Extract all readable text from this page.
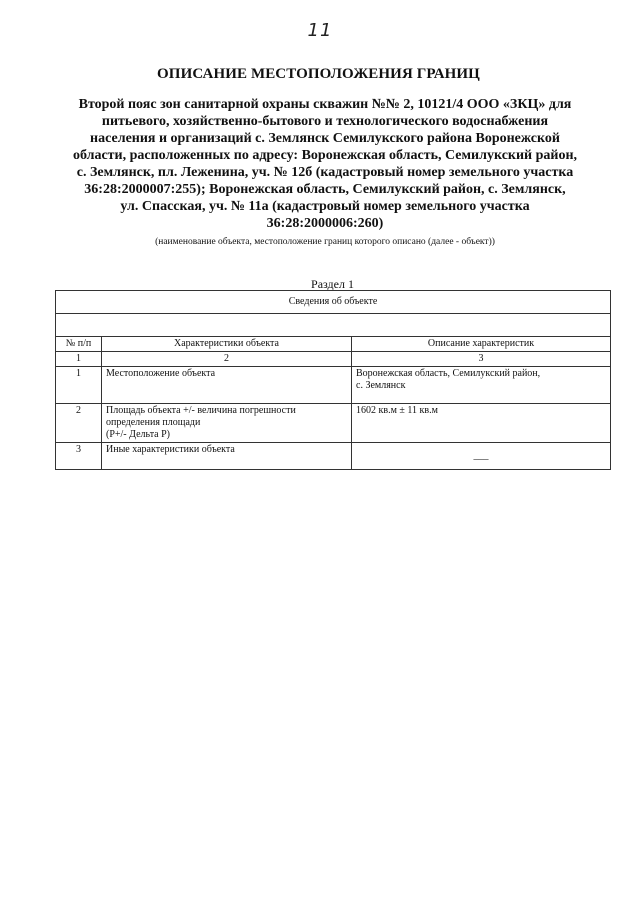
11
ОПИСАНИЕ МЕСТОПОЛОЖЕНИЯ ГРАНИЦ
Второй пояс зон санитарной охраны скважин №№ 2, 10121/4 ООО «ЗКЦ» для
питьевого, хозяйственно-бытового и технологического водоснабжения
населения и организаций с. Землянск Семилукского района Воронежской
области, расположенных по адресу: Воронежская область, Семилукский район,
с. Землянск, пл. Леженина, уч. № 12б (кадастровый номер земельного участка
36:28:2000007:255); Воронежская область, Семилукский район, с. Землянск,
ул. Спасская, уч. № 11а (кадастровый номер земельного участка
36:28:2000006:260)
(наименование объекта, местоположение границ которого описано (далее - объект))
Раздел 1
Сведения об объекте		

№ п/п	Характеристики объекта	Описание характеристик
1	2	3
1	Местоположение объекта	Воронежская область, Семилукский район,
с. Землянск

2	Площадь объекта +/- величина погрешности
определения площади
(Р+/- Дельта Р)	1602 кв.м ± 11 кв.м
3	Иные характеристики объекта	___
